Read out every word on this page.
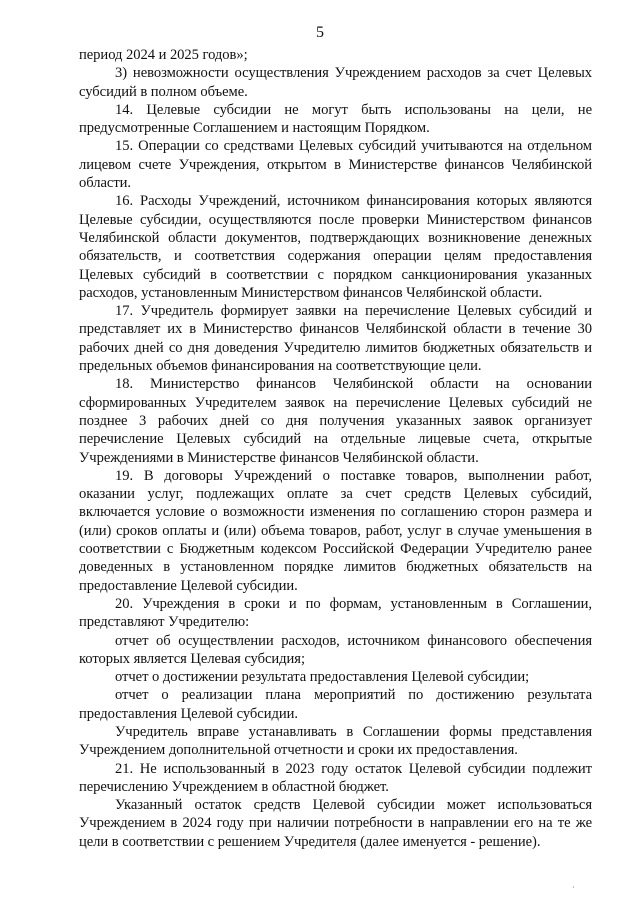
5

период 2024 и 2025 годов»;

3) невозможности осуществления Учреждением расходов за счет Целевых субсидий в полном объеме.

14. Целевые субсидии не могут быть использованы на цели, не предусмотренные Соглашением и настоящим Порядком.

15. Операции со средствами Целевых субсидий учитываются на отдельном лицевом счете Учреждения, открытом в Министерстве финансов Челябинской области.

16. Расходы Учреждений, источником финансирования которых являются Целевые субсидии, осуществляются после проверки Министерством финансов Челябинской области документов, подтверждающих возникновение денежных обязательств, и соответствия содержания операции целям предоставления Целевых субсидий в соответствии с порядком санкционирования указанных расходов, установленным Министерством финансов Челябинской области.

17. Учредитель формирует заявки на перечисление Целевых субсидий и представляет их в Министерство финансов Челябинской области в течение 30 рабочих дней со дня доведения Учредителю лимитов бюджетных обязательств и предельных объемов финансирования на соответствующие цели.

18. Министерство финансов Челябинской области на основании сформированных Учредителем заявок на перечисление Целевых субсидий не позднее 3 рабочих дней со дня получения указанных заявок организует перечисление Целевых субсидий на отдельные лицевые счета, открытые Учреждениями в Министерстве финансов Челябинской области.

19. В договоры Учреждений о поставке товаров, выполнении работ, оказании услуг, подлежащих оплате за счет средств Целевых субсидий, включается условие о возможности изменения по соглашению сторон размера и (или) сроков оплаты и (или) объема товаров, работ, услуг в случае уменьшения в соответствии с Бюджетным кодексом Российской Федерации Учредителю ранее доведенных в установленном порядке лимитов бюджетных обязательств на предоставление Целевой субсидии.

20. Учреждения в сроки и по формам, установленным в Соглашении, представляют Учредителю:

отчет об осуществлении расходов, источником финансового обеспечения которых является Целевая субсидия;

отчет о достижении результата предоставления Целевой субсидии;

отчет о реализации плана мероприятий по достижению результата предоставления Целевой субсидии.

Учредитель вправе устанавливать в Соглашении формы представления Учреждением дополнительной отчетности и сроки их предоставления.

21. Не использованный в 2023 году остаток Целевой субсидии подлежит перечислению Учреждением в областной бюджет.

Указанный остаток средств Целевой субсидии может использоваться Учреждением в 2024 году при наличии потребности в направлении его на те же цели в соответствии с решением Учредителя (далее именуется - решение).

·
